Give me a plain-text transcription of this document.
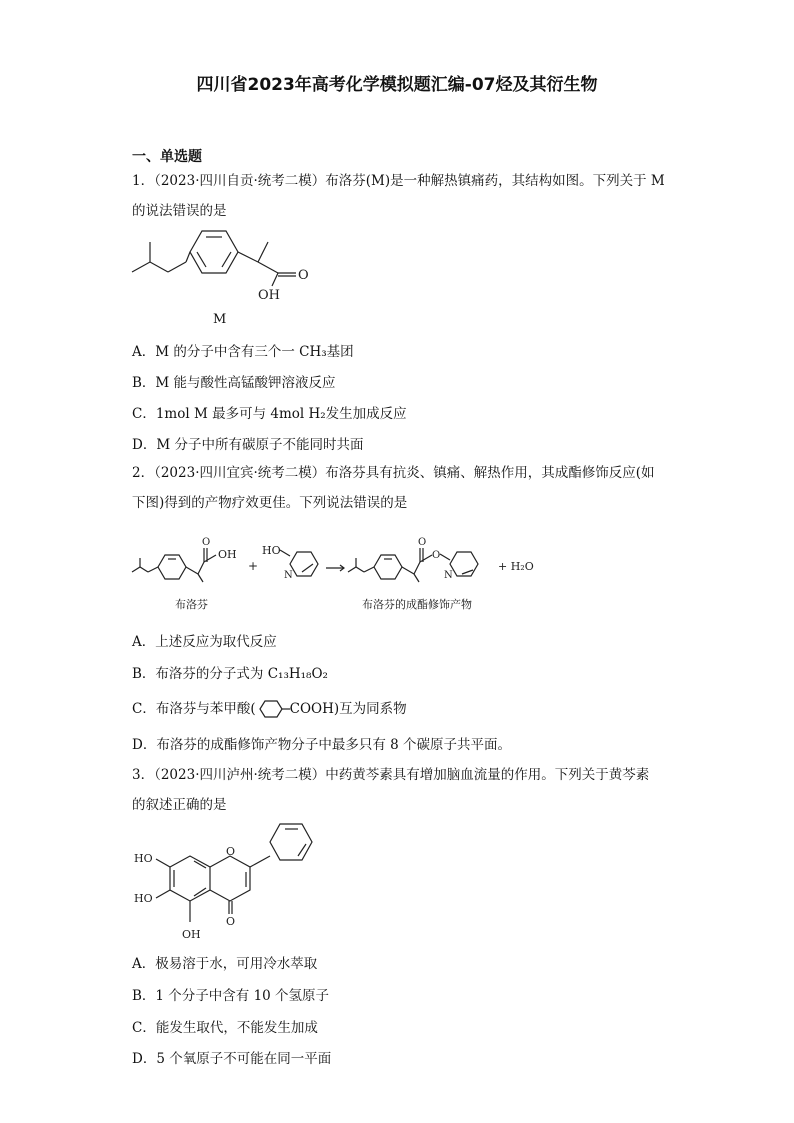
四川省2023年高考化学模拟题汇编-07烃及其衍生物
一、单选题
1．（2023·四川自贡·统考二模）布洛芬(M)是一种解热镇痛药，其结构如图。下列关于 M
的说法错误的是
O
OH
M
A．M 的分子中含有三个一 CH₃基团
B．M 能与酸性高锰酸钾溶液反应
C．1mol M 最多可与 4mol H₂发生加成反应
D．M 分子中所有碳原子不能同时共面
2．（2023·四川宜宾·统考二模）布洛芬具有抗炎、镇痛、解热作用，其成酯修饰反应(如
下图)得到的产物疗效更佳。下列说法错误的是
OH
O
+
HO
N
O
O
N
+ H₂O
布洛芬	布洛芬的成酯修饰产物
A．上述反应为取代反应
B．布洛芬的分子式为 C₁₃H₁₈O₂
C．布洛芬与苯甲酸(	COOH)互为同系物
D．布洛芬的成酯修饰产物分子中最多只有 8 个碳原子共平面。
3．（2023·四川泸州·统考二模）中药黄芩素具有增加脑血流量的作用。下列关于黄芩素
的叙述正确的是
O
O
HO
HO
OH
A．极易溶于水，可用冷水萃取
B．1 个分子中含有 10 个氢原子
C．能发生取代，不能发生加成
D．5 个氧原子不可能在同一平面
